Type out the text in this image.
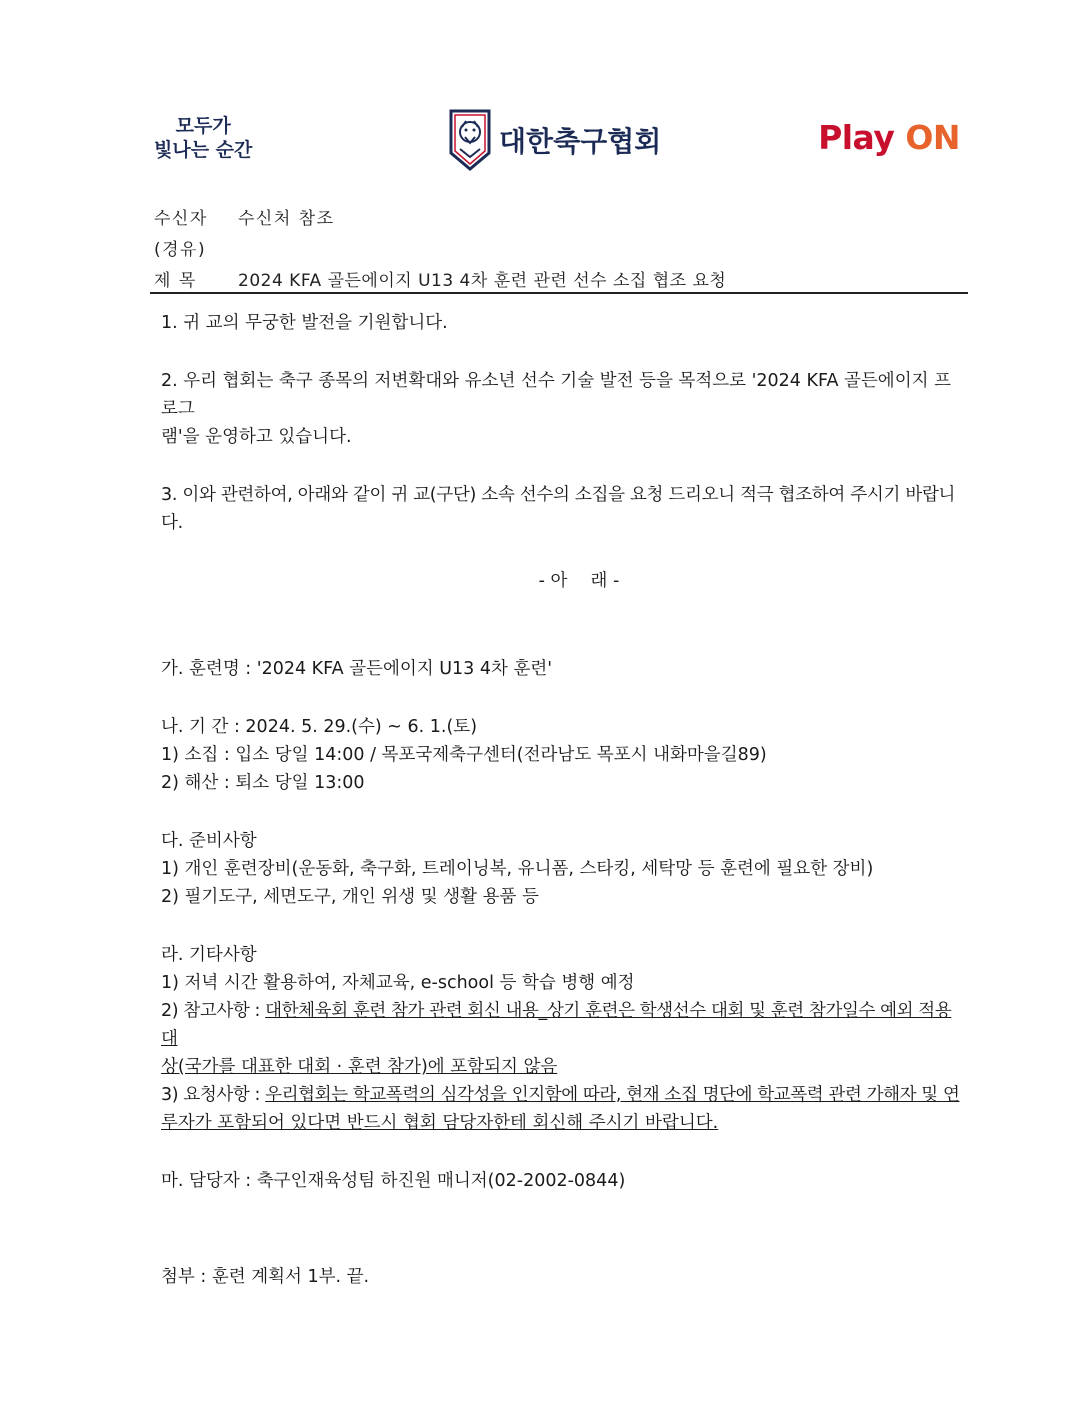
모두가
빛나는 순간	대한축구협회	Play ON
수신자 수신처 참조
(경유)
제 목 2024 KFA 골든에이지 U13 4차 훈련 관련 선수 소집 협조 요청

1. 귀 교의 무궁한 발전을 기원합니다.

2. 우리 협회는 축구 종목의 저변확대와 유소년 선수 기술 발전 등을 목적으로 '2024 KFA 골든에이지 프로그

램'을 운영하고 있습니다.

3. 이와 관련하여, 아래와 같이 귀 교(구단) 소속 선수의 소집을 요청 드리오니 적극 협조하여 주시기 바랍니다.

- 아　 래 -

가. 훈련명 : '2024 KFA 골든에이지 U13 4차 훈련'

나. 기 간 : 2024. 5. 29.(수) ~ 6. 1.(토)

1) 소집 : 입소 당일 14:00 / 목포국제축구센터(전라남도 목포시 내화마을길89)

2) 해산 : 퇴소 당일 13:00

다. 준비사항

1) 개인 훈련장비(운동화, 축구화, 트레이닝복, 유니폼, 스타킹, 세탁망 등 훈련에 필요한 장비)

2) 필기도구, 세면도구, 개인 위생 및 생활 용품 등

라. 기타사항

1) 저녁 시간 활용하여, 자체교육, e-school 등 학습 병행 예정

2) 참고사항 : 대한체육회 훈련 참가 관련 회신 내용_상기 훈련은 학생선수 대회 및 훈련 참가일수 예외 적용 대

상(국가를 대표한 대회 · 훈련 참가)에 포함되지 않음

3) 요청사항 : 우리협회는 학교폭력의 심각성을 인지함에 따라, 현재 소집 명단에 학교폭력 관련 가해자 및 연

루자가 포함되어 있다면 반드시 협회 담당자한테 회신해 주시기 바랍니다.

마. 담당자 : 축구인재육성팀 하진원 매니저(02-2002-0844)

첨부 : 훈련 계획서 1부. 끝.
